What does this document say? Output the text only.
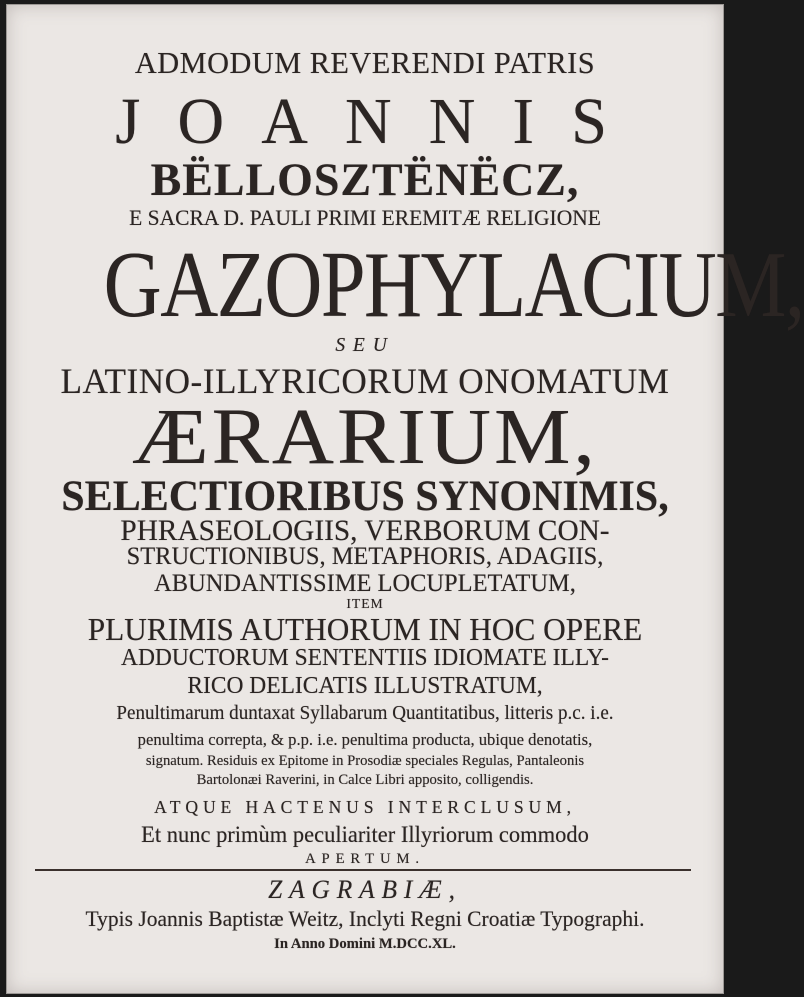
ADMODUM REVERENDI PATRIS
JOANNIS
BËLLOSZTËNËCZ,
E SACRA D. PAULI PRIMI EREMITÆ RELIGIONE
GAZOPHYLACIUM,
SEU
LATINO-ILLYRICORUM ONOMATUM
ÆRARIUM,
SELECTIORIBUS SYNONIMIS,
PHRASEOLOGIIS, VERBORUM CON-
STRUCTIONIBUS, METAPHORIS, ADAGIIS,
ABUNDANTISSIME LOCUPLETATUM,
ITEM
PLURIMIS AUTHORUM IN HOC OPERE
ADDUCTORUM SENTENTIIS IDIOMATE ILLY-
RICO DELICATIS ILLUSTRATUM,
Penultimarum duntaxat Syllabarum Quantitatibus, litteris p.c. i.e.
penultima correpta, & p.p. i.e. penultima producta, ubique denotatis,
signatum. Residuis ex Epitome in Prosodiæ speciales Regulas, Pantaleonis
Bartolonæi Raverini, in Calce Libri apposito, colligendis.
ATQUE HACTENUS INTERCLUSUM,
Et nunc primùm peculiariter Illyriorum commodo
APERTUM.
ZAGRABIÆ,
Typis Joannis Baptistæ Weitz, Inclyti Regni Croatiæ Typographi.
In Anno Domini M.DCC.XL.
